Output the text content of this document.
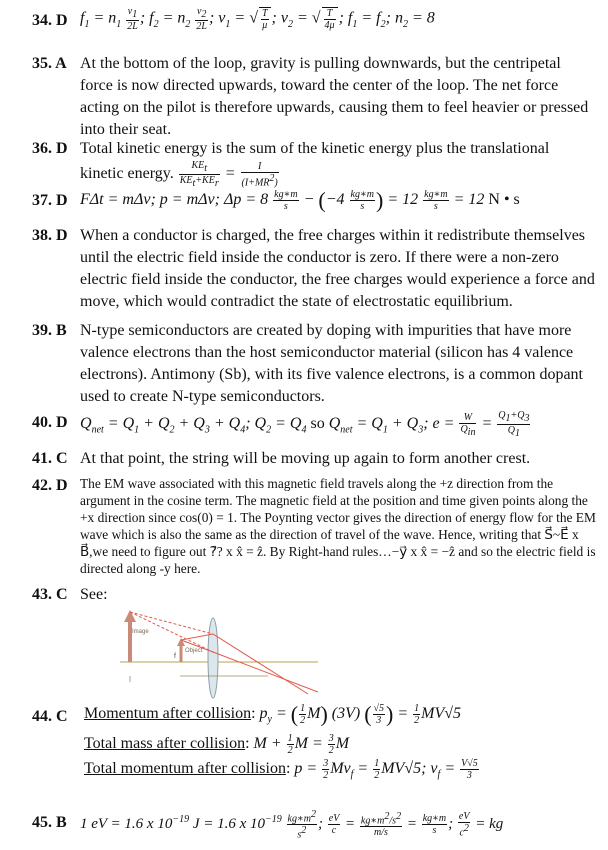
34. D $f_1 = n_1 \frac{v_1}{2L}$ ; $f_2 = n_2 \frac{v_2}{2L}$ ; $v_1$ = √ $\frac{T}{\mu}$ ; $v_2$ = √ $\frac{T}{4\mu}$ ; $f_1 = f_2$; $n_2 = 8$
35. A At the bottom of the loop, gravity is pulling downwards, but the centripetal force is now directed upwards, toward the center of the loop. The net force acting on the pilot is therefore upwards, causing them to feel heavier or pressed into their seat.
36. D Total kinetic energy is the sum of the kinetic energy plus the translational kinetic energy. $\frac{KE_t}{KE_t+KE_r} = \frac{I}{(I+MR^2)}$
37. D FΔt = mΔv; p = mΔv; $\Delta p = 8 \frac{kg∗m}{s} - (-4 \frac{kg∗m}{s}$ ) = $12 \frac{kg∗m}{s} = 12$ N • s
38. D When a conductor is charged, the free charges within it redistribute themselves until the electric field inside the conductor is zero. If there were a non-zero electric field inside the conductor, the free charges would experience a force and move, which would contradict the state of electrostatic equilibrium.
39. B N-type semiconductors are created by doping with impurities that have more valence electrons than the host semiconductor material (silicon has 4 valence electrons). Antimony (Sb), with its five valence electrons, is a common dopant used to create N-type semiconductors.
40. D $Q_{net} = Q_1 + Q_2 + Q_3 + Q_4$; $Q_2 = Q_4$ so $Q_{net} = Q_1 + Q_3$; $e = \frac{W}{Q_{in}} = \frac{Q_1+Q_3}{Q_1}$
41. C At that point, the string will be moving up again to form another crest.
42. D The EM wave associated with this magnetic field travels along the +z direction from the argument in the cosine term. The magnetic field at the position and time given points along the +x direction since cos(0) = 1. The Poynting vector gives the direction of energy flow for the EM wave which is also the same as the direction of travel of the wave. Hence, writing that S⃗~E⃗ x B⃗,we need to figure out ?⃗? x x̂ = ẑ. By Right-hand rules…−y⃗ x x̂ = −ẑ and so the electric field is directed along -y here.
43. C See:
Image
Object
f
44. C Momentum after collision: $p_y$ = ( $\frac{1}{2} M$) (3V) ( $\frac{√5}{3}$ ) = $\frac{1}{2} MV√5$
Total mass after collision: $M + \frac{1}{2}$ $M = \frac{3}{2}$ M
Total momentum after collision: $p = \frac{3}{2} Mv_f = \frac{1}{2} MV√5$; $v_f = \frac{V√5}{3}$
45. B 1 eV = 1.6 x $10^{-19}$ J = 1.6 x $10^{-19} \frac{kg∗m^2}{s^2}$ ; $\frac{eV}{c} = \frac{kg∗m^2/s^2}{m/s} = \frac{kg∗m}{s}$ ; $\frac{eV}{c^2}$ = kg
